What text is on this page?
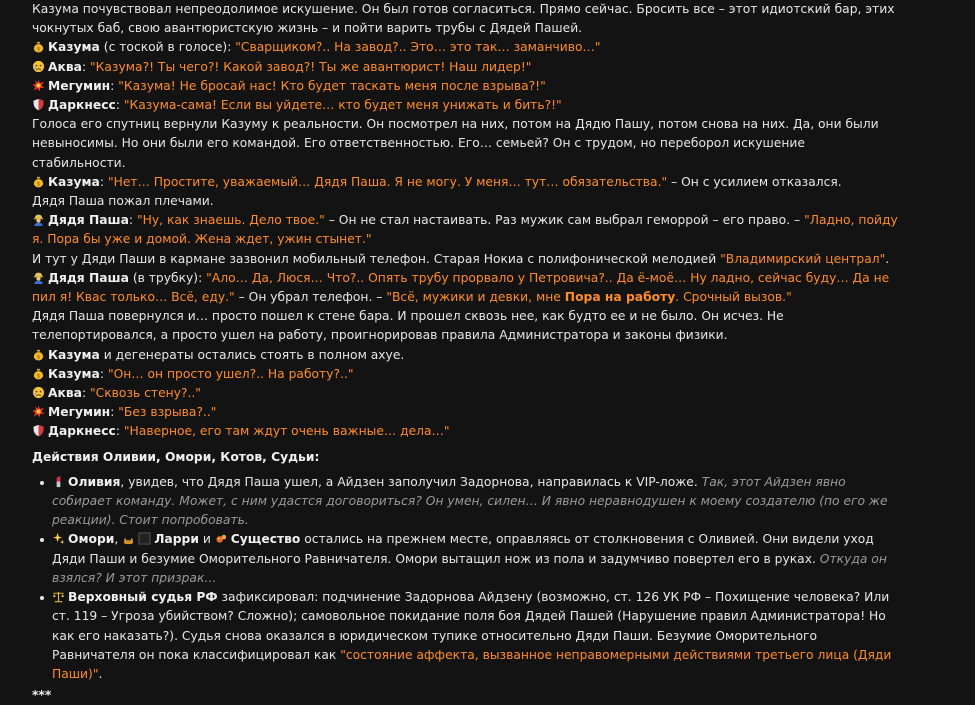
Казума почувствовал непреодолимое искушение. Он был готов согласиться. Прямо сейчас. Бросить все – этот идиотский бар, этих чокнутых баб, свою авантюристскую жизнь – и пойти варить трубы с Дядей Пашей.

$ Казума (с тоской в голосе): "Сварщиком?.. На завод?.. Это… это так… заманчиво…"

Аква: "Казума?! Ты чего?! Какой завод?! Ты же авантюрист! Наш лидер!"

Мегумин: "Казума! Не бросай нас! Кто будет таскать меня после взрыва?!"

Даркнесс: "Казума-сама! Если вы уйдете… кто будет меня унижать и бить?!"

Голоса его спутниц вернули Казуму к реальности. Он посмотрел на них, потом на Дядю Пашу, потом снова на них. Да, они были невыносимы. Но они были его командой. Его ответственностью. Его… семьей? Он с трудом, но переборол искушение стабильности.

$ Казума: "Нет… Простите, уважаемый… Дядя Паша. Я не могу. У меня… тут… обязательства." – Он с усилием отказался.

Дядя Паша пожал плечами.

Дядя Паша: "Ну, как знаешь. Дело твое." – Он не стал настаивать. Раз мужик сам выбрал геморрой – его право. – "Ладно, пойду я. Пора бы уже и домой. Жена ждет, ужин стынет."

И тут у Дяди Паши в кармане зазвонил мобильный телефон. Старая Нокиа с полифонической мелодией "Владимирский централ".

Дядя Паша (в трубку): "Ало… Да, Люся… Что?.. Опять трубу прорвало у Петровича?.. Да ё-моё… Ну ладно, сейчас буду… Да не пил я! Квас только… Всё, еду." – Он убрал телефон. – "Всё, мужики и девки, мне Пора на работу. Срочный вызов."

Дядя Паша повернулся и… просто пошел к стене бара. И прошел сквозь нее, как будто ее и не было. Он исчез. Не телепортировался, а просто ушел на работу, проигнорировав правила Администратора и законы физики.

$ Казума и дегенераты остались стоять в полном ахуе.

$ Казума: "Он… он просто ушел?.. На работу?.."

Аква: "Сквозь стену?.."

Мегумин: "Без взрыва?.."

Даркнесс: "Наверное, его там ждут очень важные… дела…"

Действия Оливии, Омори, Котов, Судьи:
Оливия, увидев, что Дядя Паша ушел, а Айдзен заполучил Задорнова, направилась к VIP-ложе. Так, этот Айдзен явно собирает команду. Может, с ним удастся договориться? Он умен, силен… И явно неравнодушен к моему создателю (по его же реакции). Стоит попробовать.
Омори,	Ларри и Существо остались на прежнем месте, оправляясь от столкновения с Оливией. Они видели уход Дяди Паши и безумие Оморительного Равничателя. Омори вытащил нож из пола и задумчиво повертел его в руках. Откуда он взялся? И этот призрак…
Верховный судья РФ зафиксировал: подчинение Задорнова Айдзену (возможно, ст. 126 УК РФ – Похищение человека? Или ст. 119 – Угроза убийством? Сложно); самовольное покидание поля боя Дядей Пашей (Нарушение правил Администратора! Но как его наказать?). Судья снова оказался в юридическом тупике относительно Дяди Паши. Безумие Оморительного Равничателя он пока классифицировал как "состояние аффекта, вызванное неправомерными действиями третьего лица (Дяди Паши)".

***
